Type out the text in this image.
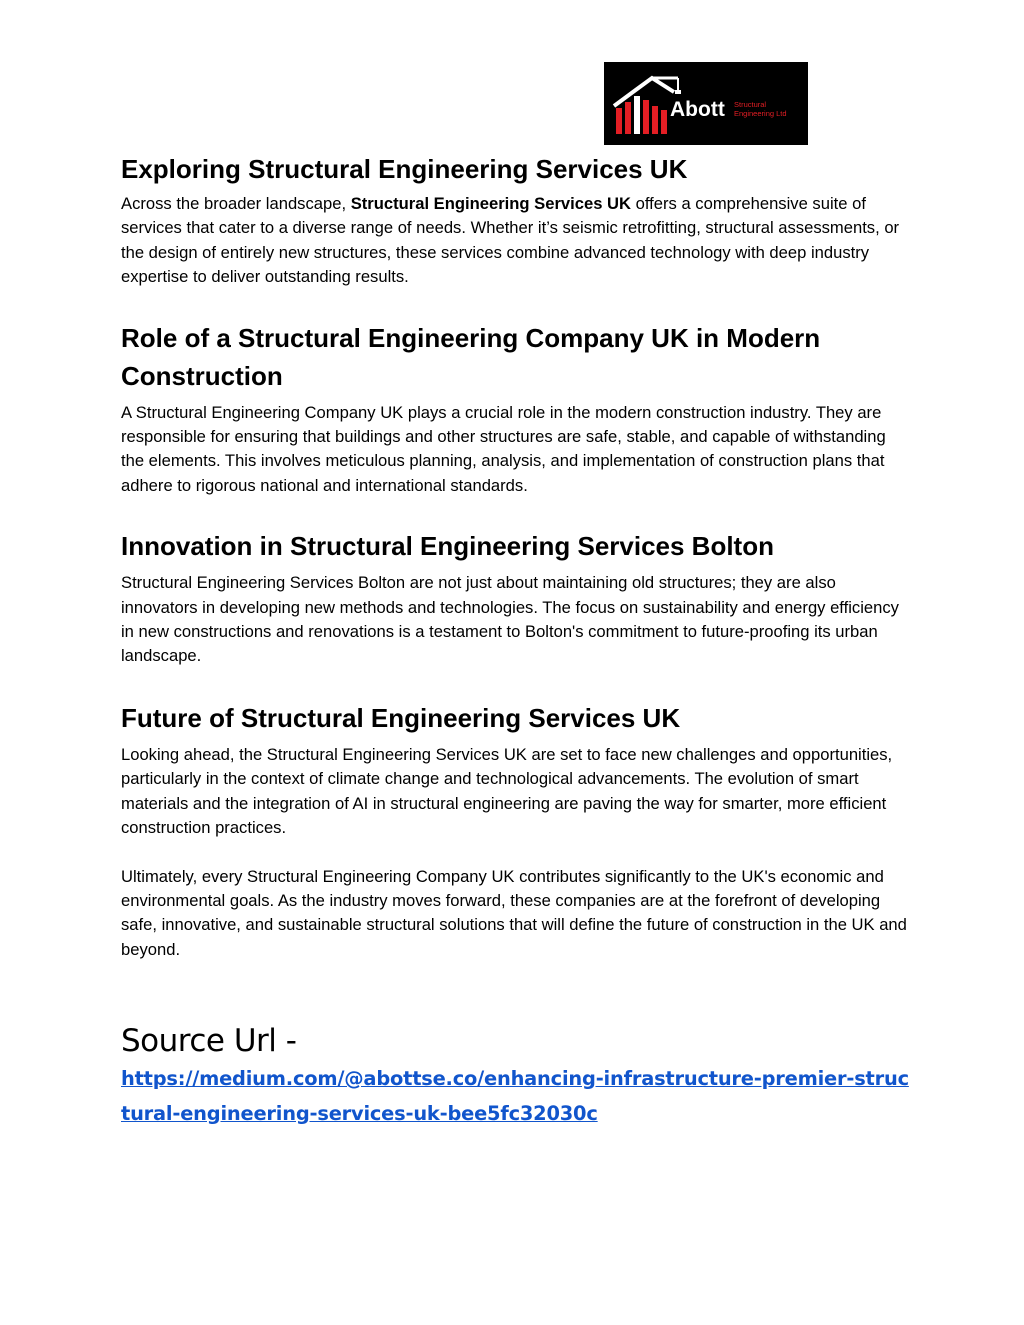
Abott Structural
Engineering Ltd
Exploring Structural Engineering Services UK

Across the broader landscape, Structural Engineering Services UK offers a comprehensive suite of services that cater to a diverse range of needs. Whether it’s seismic retrofitting, structural assessments, or the design of entirely new structures, these services combine advanced technology with deep industry expertise to deliver outstanding results.

Role of a Structural Engineering Company UK in Modern Construction

A Structural Engineering Company UK plays a crucial role in the modern construction industry. They are responsible for ensuring that buildings and other structures are safe, stable, and capable of withstanding the elements. This involves meticulous planning, analysis, and implementation of construction plans that adhere to rigorous national and international standards.

Innovation in Structural Engineering Services Bolton

Structural Engineering Services Bolton are not just about maintaining old structures; they are also innovators in developing new methods and technologies. The focus on sustainability and energy efficiency in new constructions and renovations is a testament to Bolton's commitment to future-proofing its urban landscape.

Future of Structural Engineering Services UK

Looking ahead, the Structural Engineering Services UK are set to face new challenges and opportunities, particularly in the context of climate change and technological advancements. The evolution of smart materials and the integration of AI in structural engineering are paving the way for smarter, more efficient construction practices.

Ultimately, every Structural Engineering Company UK contributes significantly to the UK's economic and environmental goals. As the industry moves forward, these companies are at the forefront of developing safe, innovative, and sustainable structural solutions that will define the future of construction in the UK and beyond.

Source Url -
https://medium.com/@abottse.co/enhancing-infrastructure-premier-structural-engineering-services-uk-bee5fc32030c
